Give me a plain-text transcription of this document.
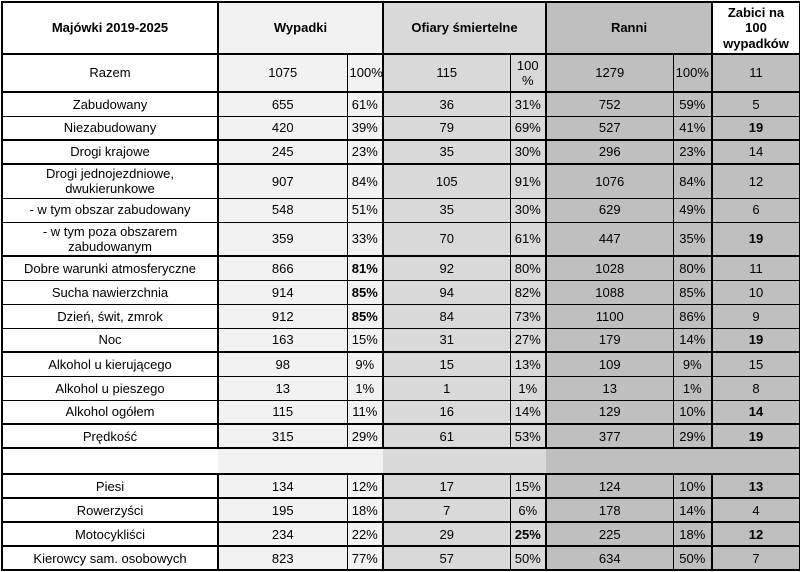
Majówki 2019-2025	Wypadki		Ofiary śmiertelne		Ranni		Zabici na 100 wypadków
Razem	1075	100%	115	100 %	1279	100%	11
Zabudowany	655	61%	36	31%	752	59%	5
Niezabudowany	420	39%	79	69%	527	41%	19
Drogi krajowe	245	23%	35	30%	296	23%	14
Drogi jednojezdniowe, dwukierunkowe	907	84%	105	91%	1076	84%	12
- w tym obszar zabudowany	548	51%	35	30%	629	49%	6
- w tym poza obszarem zabudowanym	359	33%	70	61%	447	35%	19
Dobre warunki atmosferyczne	866	81%	92	80%	1028	80%	11
Sucha nawierzchnia	914	85%	94	82%	1088	85%	10
Dzień, świt, zmrok	912	85%	84	73%	1100	86%	9
Noc	163	15%	31	27%	179	14%	19
Alkohol u kierującego	98	9%	15	13%	109	9%	15
Alkohol u pieszego	13	1%	1	1%	13	1%	8
Alkohol ogółem	115	11%	16	14%	129	10%	14
Prędkość	315	29%	61	53%	377	29%	19

Piesi	134	12%	17	15%	124	10%	13
Rowerzyści	195	18%	7	6%	178	14%	4
Motocykliści	234	22%	29	25%	225	18%	12
Kierowcy sam. osobowych	823	77%	57	50%	634	50%	7
